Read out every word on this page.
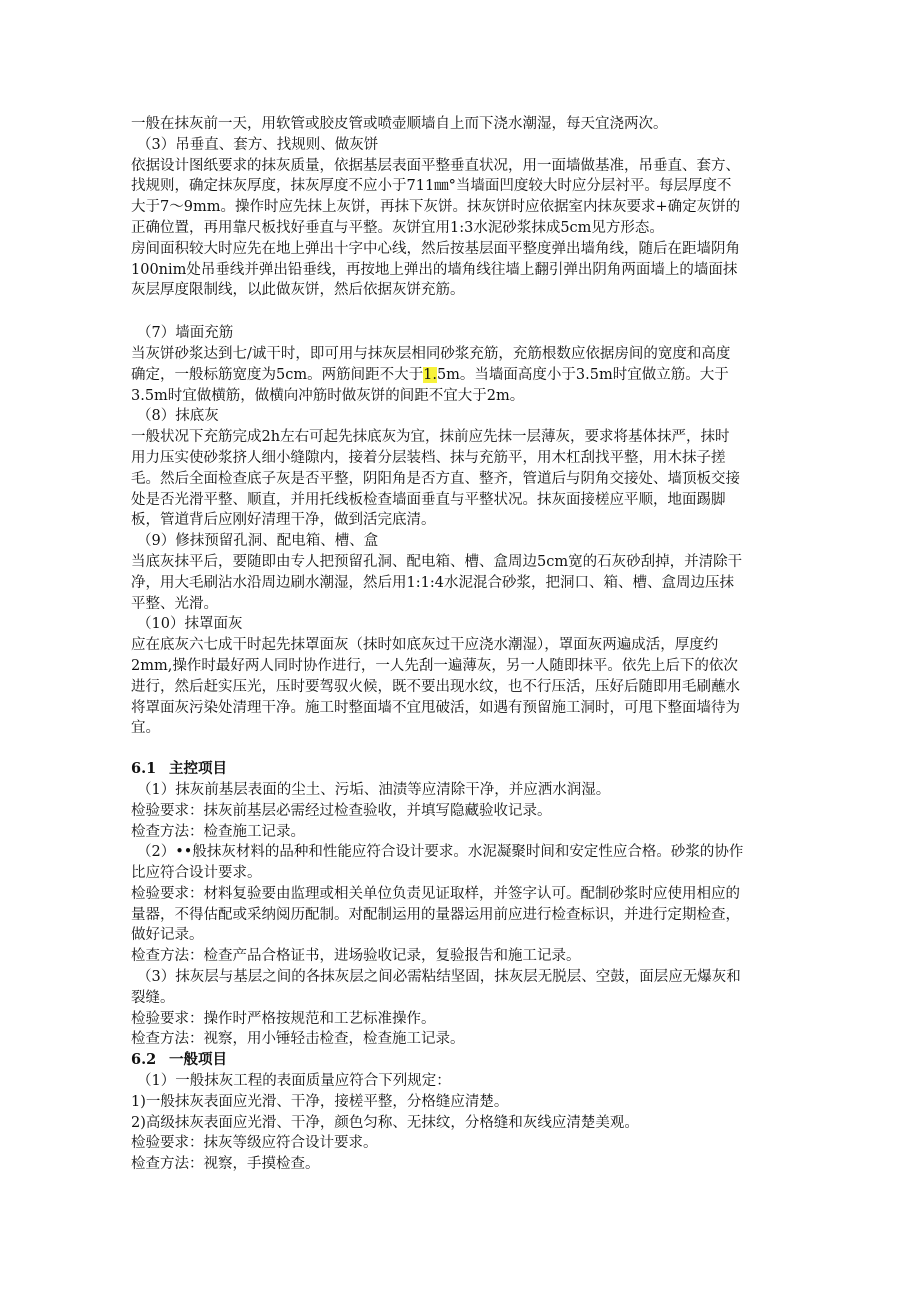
一般在抹灰前一天，用软管或胶皮管或喷壶顺墙自上而下浇水潮湿，每天宜浇两次。
（3）吊垂直、套方、找规则、做灰饼
依据设计图纸要求的抹灰质量，依据基层表面平整垂直状况，用一面墙做基准，吊垂直、套方、
找规则，确定抹灰厚度，抹灰厚度不应小于711㎜°当墙面凹度较大时应分层衬平。每层厚度不
大于7〜9mm。操作时应先抹上灰饼，再抹下灰饼。抹灰饼时应依据室内抹灰要求+确定灰饼的
正确位置，再用靠尺板找好垂直与平整。灰饼宜用1:3水泥砂浆抹成5cm见方形态。
房间面积较大时应先在地上弹出十字中心线，然后按基层面平整度弹出墙角线，随后在距墙阴角
100nim处吊垂线并弹出铅垂线，再按地上弹出的墙角线往墙上翻引弹出阴角两面墙上的墙面抹
灰层厚度限制线，以此做灰饼，然后依据灰饼充筋。
（7）墙面充筋
当灰饼砂浆达到七/诚干时，即可用与抹灰层相同砂浆充筋，充筋根数应依据房间的宽度和高度
确定，一般标筋宽度为5cm。两筋间距不大于1.5m。当墙面高度小于3.5m时宜做立筋。大于
3.5m时宜做横筋，做横向冲筋时做灰饼的间距不宜大于2m。
（8）抹底灰
一般状况下充筋完成2h左右可起先抹底灰为宜，抹前应先抹一层薄灰，要求将基体抹严，抹时
用力压实使砂浆挤人细小缝隙内，接着分层装档、抹与充筋平，用木杠刮找平整，用木抹子搓
毛。然后全面检查底子灰是否平整，阴阳角是否方直、整齐，管道后与阴角交接处、墙顶板交接
处是否光滑平整、顺直，并用托线板检查墙面垂直与平整状况。抹灰面接槎应平顺，地面踢脚
板，管道背后应刚好清理干净，做到活完底清。
（9）修抹预留孔洞、配电箱、槽、盒
当底灰抹平后，要随即由专人把预留孔洞、配电箱、槽、盒周边5cm宽的石灰砂刮掉，并清除干
净，用大毛刷沾水沿周边刷水潮湿，然后用1:1:4水泥混合砂浆，把洞口、箱、槽、盒周边压抹
平整、光滑。
（10）抹罩面灰
应在底灰六七成干时起先抹罩面灰（抹时如底灰过干应浇水潮湿），罩面灰两遍成活，厚度约
2mm,操作时最好两人同时协作进行，一人先刮一遍薄灰，另一人随即抹平。依先上后下的依次
进行，然后赶实压光，压时要驾驭火候，既不要出现水纹，也不行压活，压好后随即用毛刷蘸水
将罩面灰污染处清理干净。施工时整面墙不宜甩破活，如遇有预留施工洞时，可甩下整面墙待为
宜。
6.1 主控项目
（1）抹灰前基层表面的尘土、污垢、油渍等应清除干净，并应洒水润湿。
检验要求：抹灰前基层必需经过检查验收，并填写隐藏验收记录。
检查方法：检查施工记录。
（2）••般抹灰材料的品种和性能应符合设计要求。水泥凝聚时间和安定性应合格。砂浆的协作
比应符合设计要求。
检验要求：材料复验要由监理或相关单位负责见证取样，并签字认可。配制砂浆时应使用相应的
量器，不得估配或采纳阅历配制。对配制运用的量器运用前应进行检查标识，并进行定期检查，
做好记录。
检查方法：检查产品合格证书，进场验收记录，复验报告和施工记录。
（3）抹灰层与基层之间的各抹灰层之间必需粘结坚固，抹灰层无脱层、空鼓，面层应无爆灰和
裂缝。
检验要求：操作时严格按规范和工艺标准操作。
检查方法：视察，用小锤轻击检查，检查施工记录。
6.2 一般项目
（1）一般抹灰工程的表面质量应符合下列规定：
1)一般抹灰表面应光滑、干净，接槎平整，分格缝应清楚。
2)高级抹灰表面应光滑、干净，颜色匀称、无抹纹，分格缝和灰线应清楚美观。
检验要求：抹灰等级应符合设计要求。
检查方法：视察，手摸检查。
